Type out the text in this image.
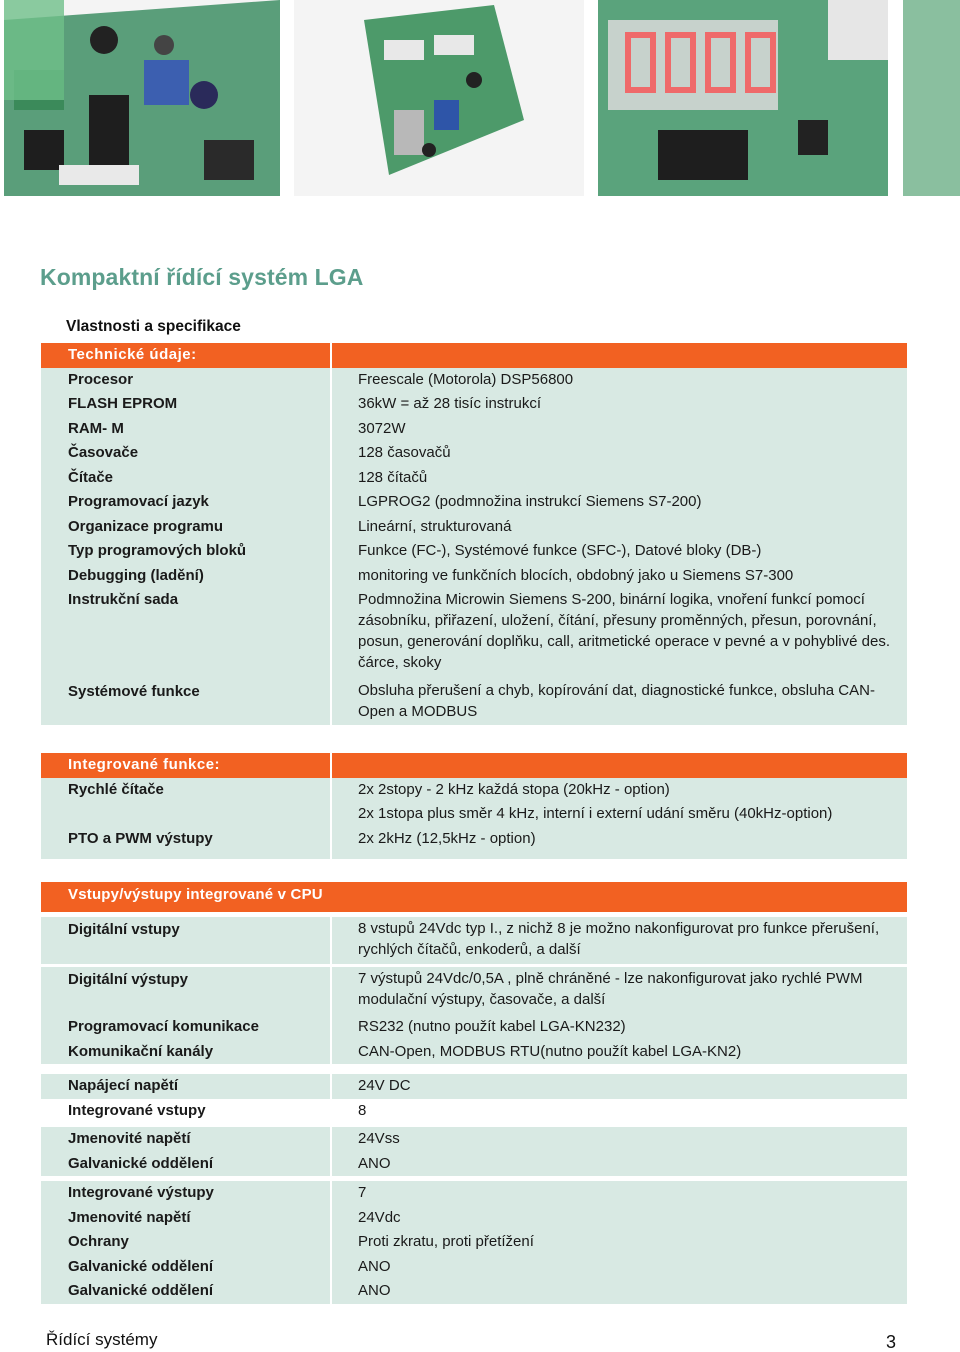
Kompaktní řídící systém LGA
Vlastnosti a specifikace
Technické údaje:
Procesor	Freescale (Motorola) DSP56800
FLASH EPROM	36kW = až 28 tisíc instrukcí
RAM- M	3072W
Časovače	128 časovačů
Čítače	128 čítačů
Programovací jazyk	LGPROG2 (podmnožina instrukcí Siemens S7-200)
Organizace programu	Lineární, strukturovaná
Typ programových bloků	Funkce (FC-), Systémové funkce (SFC-), Datové bloky (DB-)
Debugging (ladění)	monitoring ve funkčních blocích, obdobný jako u Siemens S7-300
Instrukční sada	Podmnožina Microwin Siemens S-200, binární logika, vnoření funkcí pomocí zásobníku, přiřazení, uložení, čítání, přesuny proměnných, přesun, porovnání, posun, generování doplňku, call, aritmetické operace v pevné a v pohyblivé des. čárce, skoky
Systémové funkce	Obsluha přerušení a chyb, kopírování dat, diagnostické funkce, obsluha CAN-Open a MODBUS
Integrované funkce:
Rychlé čítače	2x 2stopy - 2 kHz každá stopa (20kHz - option)
2x 1stopa plus směr 4 kHz, interní i externí udání směru (40kHz-option)
PTO a PWM výstupy	2x 2kHz (12,5kHz - option)
Vstupy/výstupy integrované v CPU
Digitální vstupy	8 vstupů 24Vdc typ I., z nichž 8 je možno nakonfigurovat pro funkce přerušení, rychlých čítačů, enkoderů, a další
Digitální výstupy	7 výstupů 24Vdc/0,5A , plně chráněné - lze nakonfigurovat jako rychlé PWM modulační výstupy, časovače, a další
Programovací komunikace	RS232 (nutno použít kabel LGA-KN232)
Komunikační kanály	CAN-Open, MODBUS RTU(nutno použít kabel LGA-KN2)
Napájecí napětí	24V DC
Integrované vstupy	8
Jmenovité napětí	24Vss
Galvanické oddělení	ANO
Integrované výstupy	7
Jmenovité napětí	24Vdc
Ochrany	Proti zkratu, proti přetížení
Galvanické oddělení	ANO
Galvanické oddělení	ANO
Řídící systémy	3
